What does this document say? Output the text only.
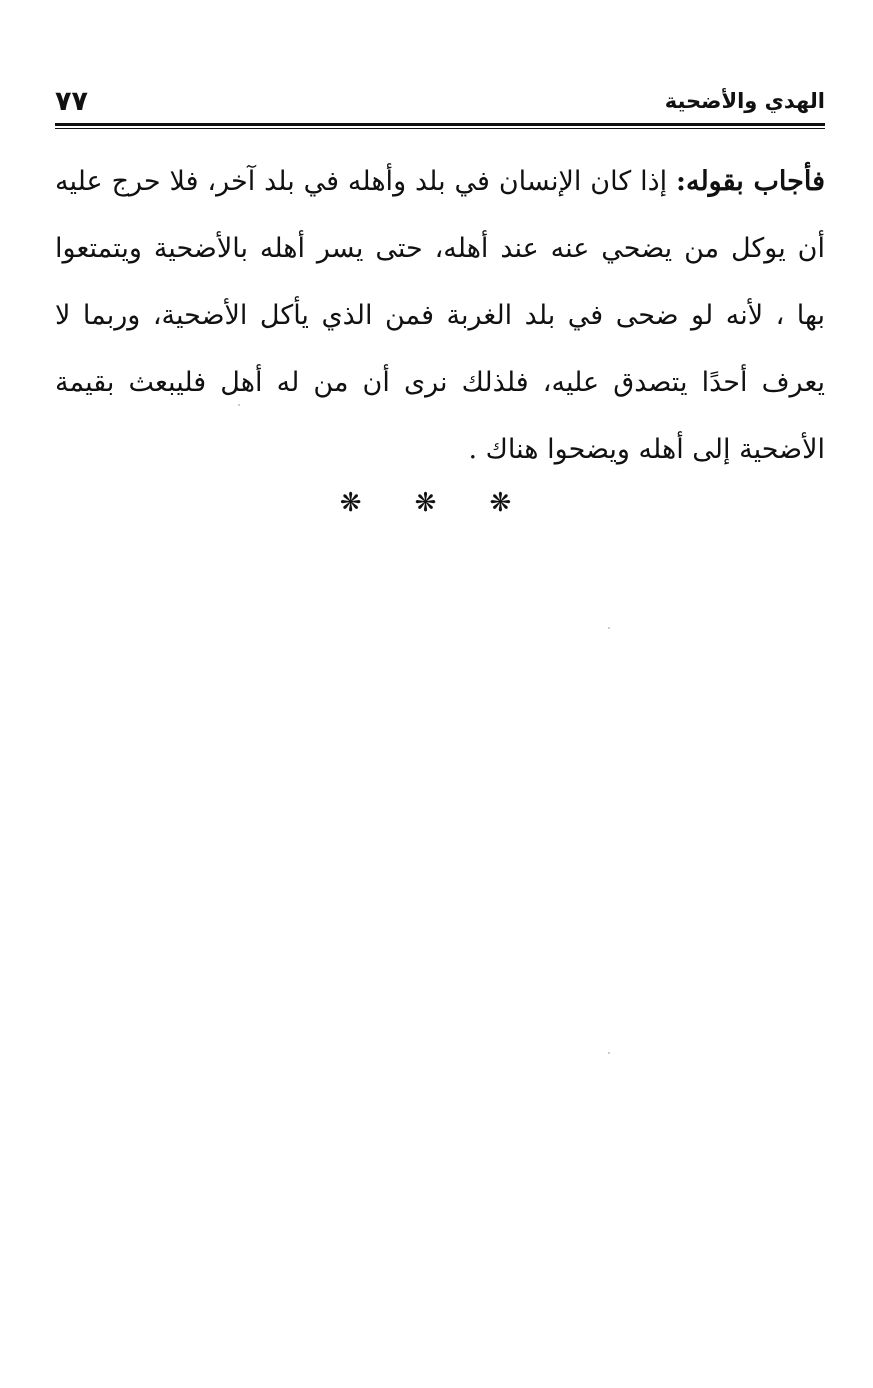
٧٧	الهدي والأضحية

فأجاب بقوله: إذا كان الإنسان في بلد وأهله في بلد آخر، فلا حرج عليه أن يوكل من يضحي عنه عند أهله، حتى يسر أهله بالأضحية ويتمتعوا بها ، لأنه لو ضحى في بلد الغربة فمن الذي يأكل الأضحية، وربما لا يعرف أحدًا يتصدق عليه، فلذلك نرى أن من له أهل فليبعث بقيمة الأضحية إلى أهله ويضحوا هناك .

❋ ❋ ❋
